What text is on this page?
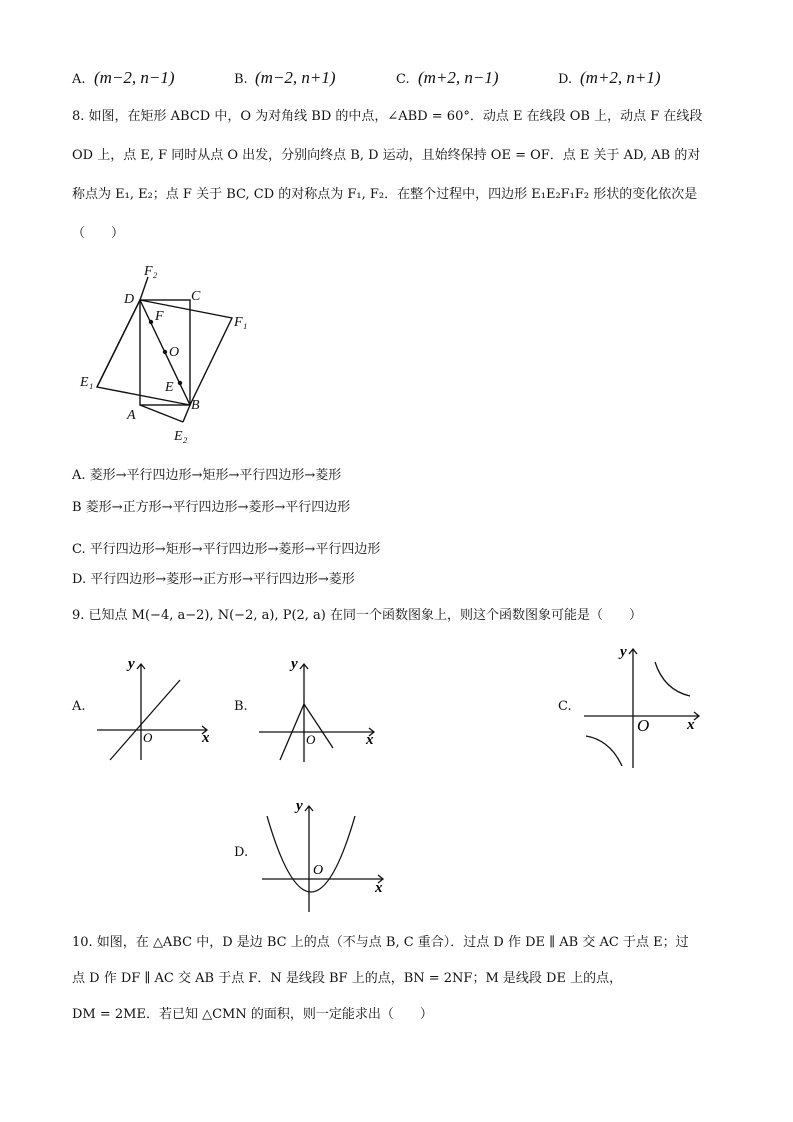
A. (m−2, n−1)	B. (m−2, n+1)	C. (m+2, n−1)	D. (m+2, n+1)
8. 如图，在矩形 ABCD 中，O 为对角线 BD 的中点，∠ABD = 60°．动点 E 在线段 OB 上，动点 F 在线段
OD 上，点 E, F 同时从点 O 出发，分别向终点 B, D 运动，且始终保持 OE = OF．点 E 关于 AD, AB 的对
称点为 E₁, E₂；点 F 关于 BC, CD 的对称点为 F₁, F₂．在整个过程中，四边形 E₁E₂F₁F₂ 形状的变化依次是
（　　）
F₂
D	C
F₁
F
O
E₁	E
A
B
E₂
A. 菱形→平行四边形→矩形→平行四边形→菱形
B 菱形→正方形→平行四边形→菱形→平行四边形
C. 平行四边形→矩形→平行四边形→菱形→平行四边形
D. 平行四边形→菱形→正方形→平行四边形→菱形
9. 已知点 M(−4, a−2), N(−2, a), P(2, a) 在同一个函数图象上，则这个函数图象可能是（　　）
A.	B.	C.
D.
y
x
O
y
x
O
y
x
O
y
x
O
10. 如图，在 △ABC 中，D 是边 BC 上的点（不与点 B, C 重合）．过点 D 作 DE ∥ AB 交 AC 于点 E；过
点 D 作 DF ∥ AC 交 AB 于点 F．N 是线段 BF 上的点，BN = 2NF；M 是线段 DE 上的点，
DM = 2ME．若已知 △CMN 的面积，则一定能求出（　　）
